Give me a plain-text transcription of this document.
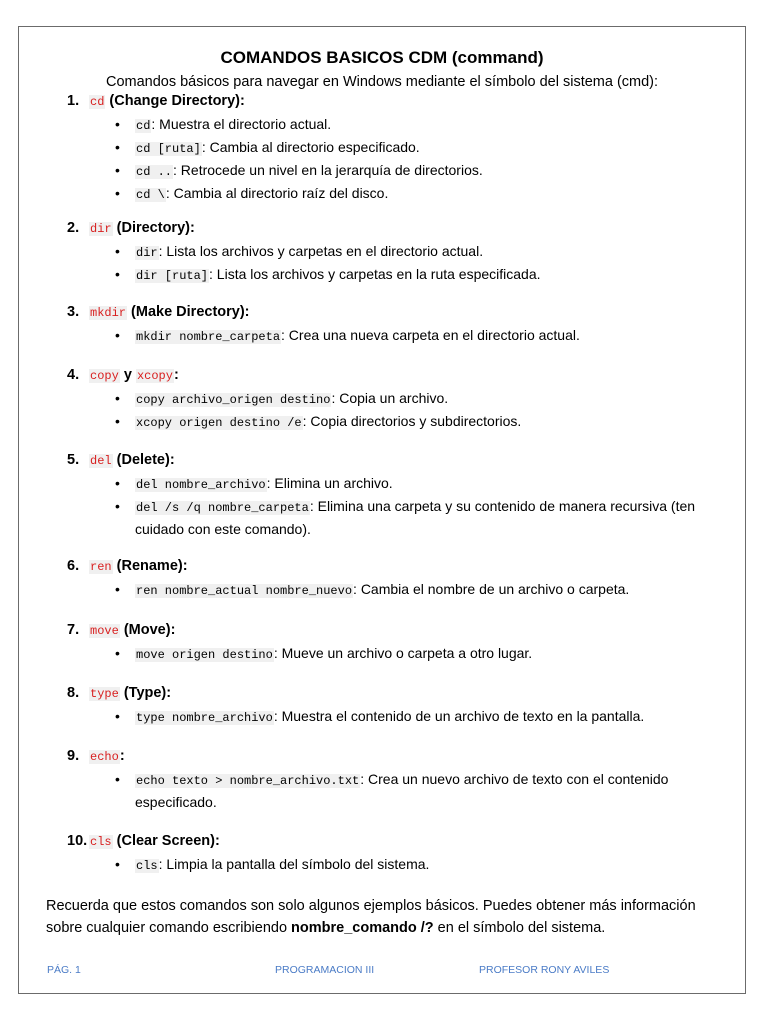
COMANDOS BASICOS CDM (command)
Comandos básicos para navegar en Windows mediante el símbolo del sistema (cmd):
1. cd (Change Directory):
• cd: Muestra el directorio actual.
• cd [ruta]: Cambia al directorio especificado.
• cd ..: Retrocede un nivel en la jerarquía de directorios.
• cd \: Cambia al directorio raíz del disco.
2. dir (Directory):
• dir: Lista los archivos y carpetas en el directorio actual.
• dir [ruta]: Lista los archivos y carpetas en la ruta especificada.
3. mkdir (Make Directory):
• mkdir nombre_carpeta: Crea una nueva carpeta en el directorio actual.
4. copy y xcopy:
• copy archivo_origen destino: Copia un archivo.
• xcopy origen destino /e: Copia directorios y subdirectorios.
5. del (Delete):
• del nombre_archivo: Elimina un archivo.
• del /s /q nombre_carpeta: Elimina una carpeta y su contenido de manera recursiva (ten cuidado con este comando).
6. ren (Rename):
• ren nombre_actual nombre_nuevo: Cambia el nombre de un archivo o carpeta.
7. move (Move):
• move origen destino: Mueve un archivo o carpeta a otro lugar.
8. type (Type):
• type nombre_archivo: Muestra el contenido de un archivo de texto en la pantalla.
9. echo:
• echo texto > nombre_archivo.txt: Crea un nuevo archivo de texto con el contenido especificado.
10. cls (Clear Screen):
• cls: Limpia la pantalla del símbolo del sistema.
Recuerda que estos comandos son solo algunos ejemplos básicos. Puedes obtener más información sobre cualquier comando escribiendo nombre_comando /? en el símbolo del sistema.
PÁG. 1	PROGRAMACION III	PROFESOR RONY AVILES
